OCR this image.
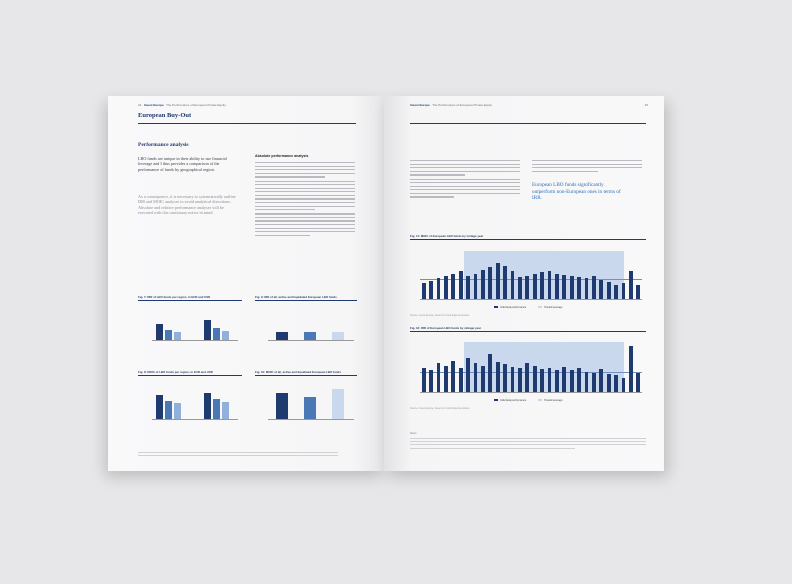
24 Invest Europe The Performance of European Private Equity
European Buy-Out
Performance analysis
LBO funds are unique in their ability to use financial leverage and I thus provides a comparison of the performance of funds by geographical region.
As a consequence, it is necessary to systematically outline IRR and MOIC analyses to avoid analytical distortions. Absolute and relative performance analyses will be executed with this cautionary notice in mind.
Absolute performance analysis
Fig. 7: IRR of LBO funds per region, in EUR and USD	Fig. 9: IRR of all, active and liquidated European LBO funds
Fig. 8: MOIC of LBO funds per region, in EUR and USD	Fig. 10: MOIC of all, active and liquidated European LBO funds
Invest Europe The Performance of European Private Equity	25
European LBO funds significantly outperform non-European ones in terms of IRR.
Fig. 11: MOIC of European LBO funds by vintage year
Individual performance	Pooled average
Source: Invest Europe, based on Cambridge Associates
Fig. 12: IRR of European LBO funds by vintage year
Individual performance	Pooled average
Source: Invest Europe, based on Cambridge Associates
Notes
